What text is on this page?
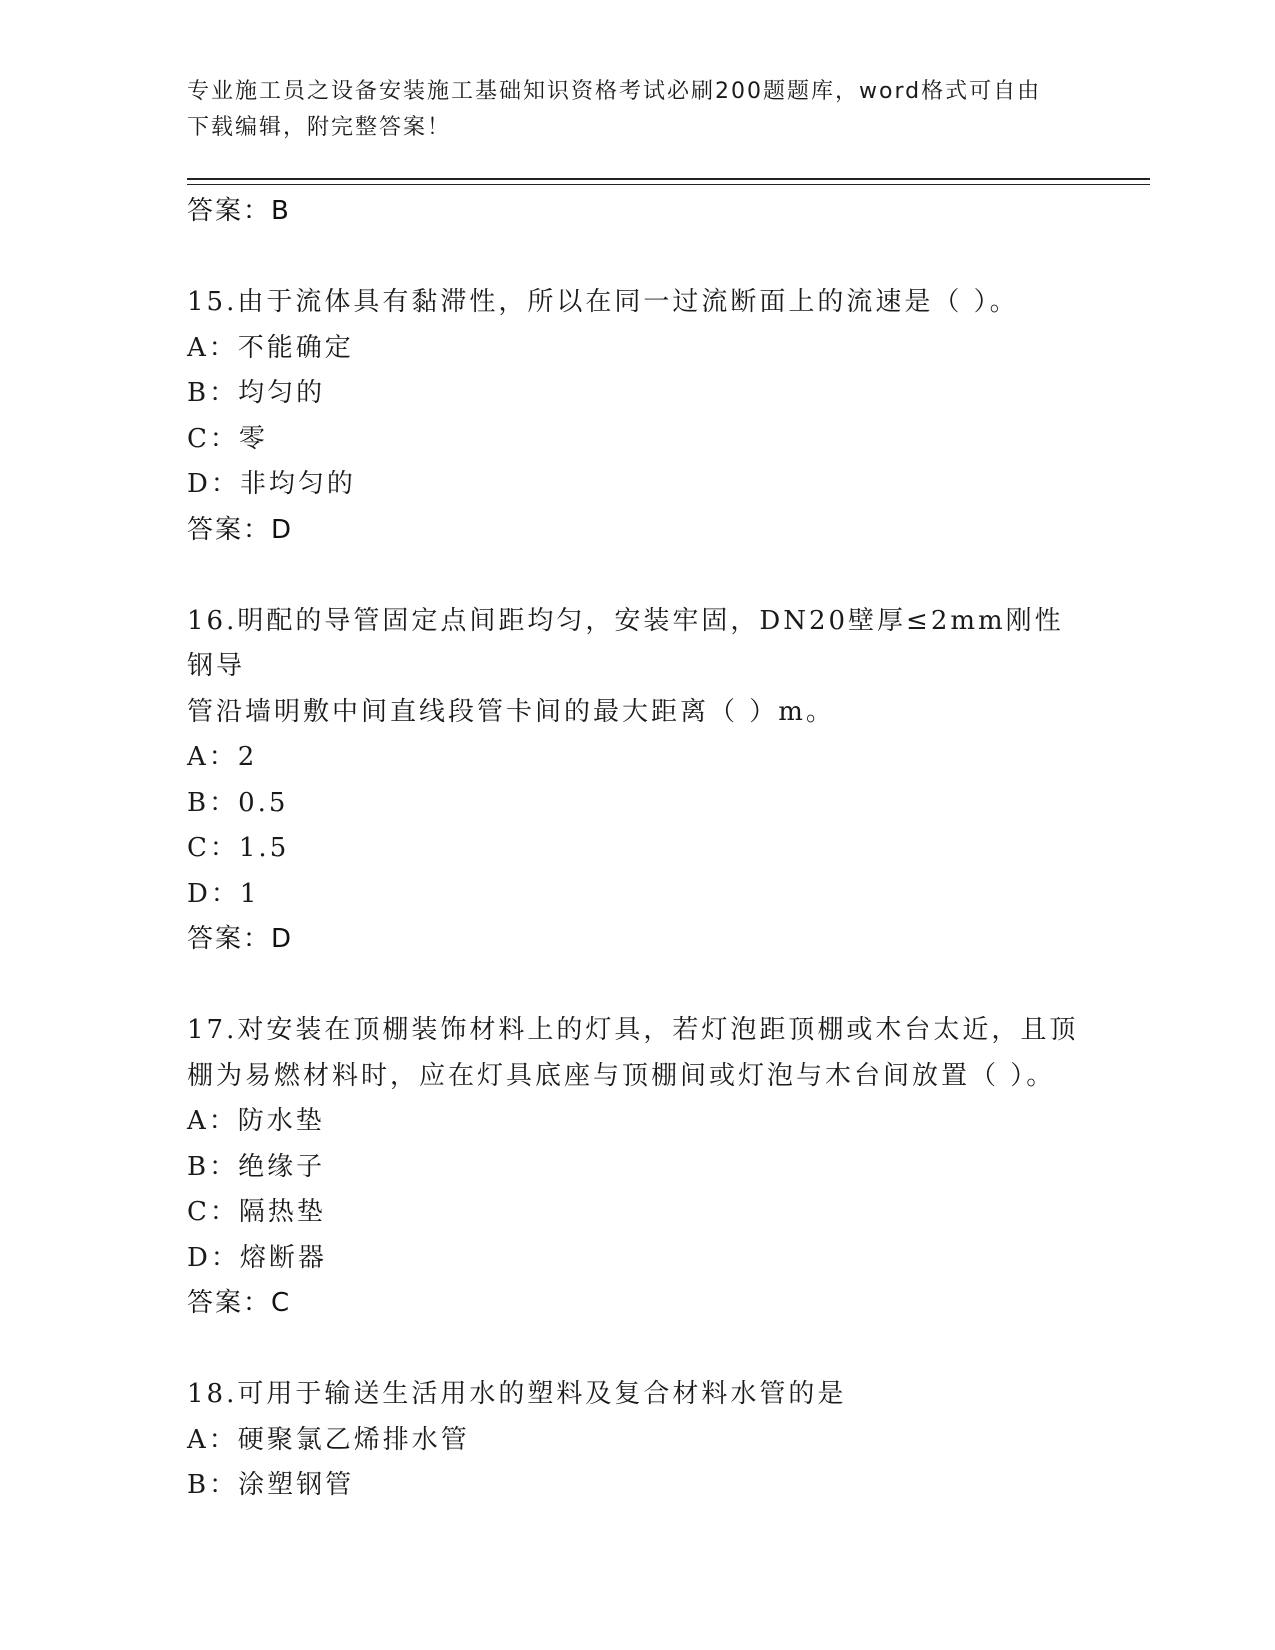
专业施工员之设备安装施工基础知识资格考试必刷200题题库，word格式可自由
下载编辑，附完整答案！
答案：B
15.由于流体具有黏滞性，所以在同一过流断面上的流速是（ ）。
A：不能确定
B：均匀的
C：零
D：非均匀的
答案：D
16.明配的导管固定点间距均匀，安装牢固，DN20壁厚≤2mm刚性钢导
管沿墙明敷中间直线段管卡间的最大距离（ ）m。
A：2
B：0.5
C：1.5
D：1
答案：D
17.对安装在顶棚装饰材料上的灯具，若灯泡距顶棚或木台太近，且顶
棚为易燃材料时，应在灯具底座与顶棚间或灯泡与木台间放置（ ）。
A：防水垫
B：绝缘子
C：隔热垫
D：熔断器
答案：C
18.可用于输送生活用水的塑料及复合材料水管的是
A：硬聚氯乙烯排水管
B：涂塑钢管
